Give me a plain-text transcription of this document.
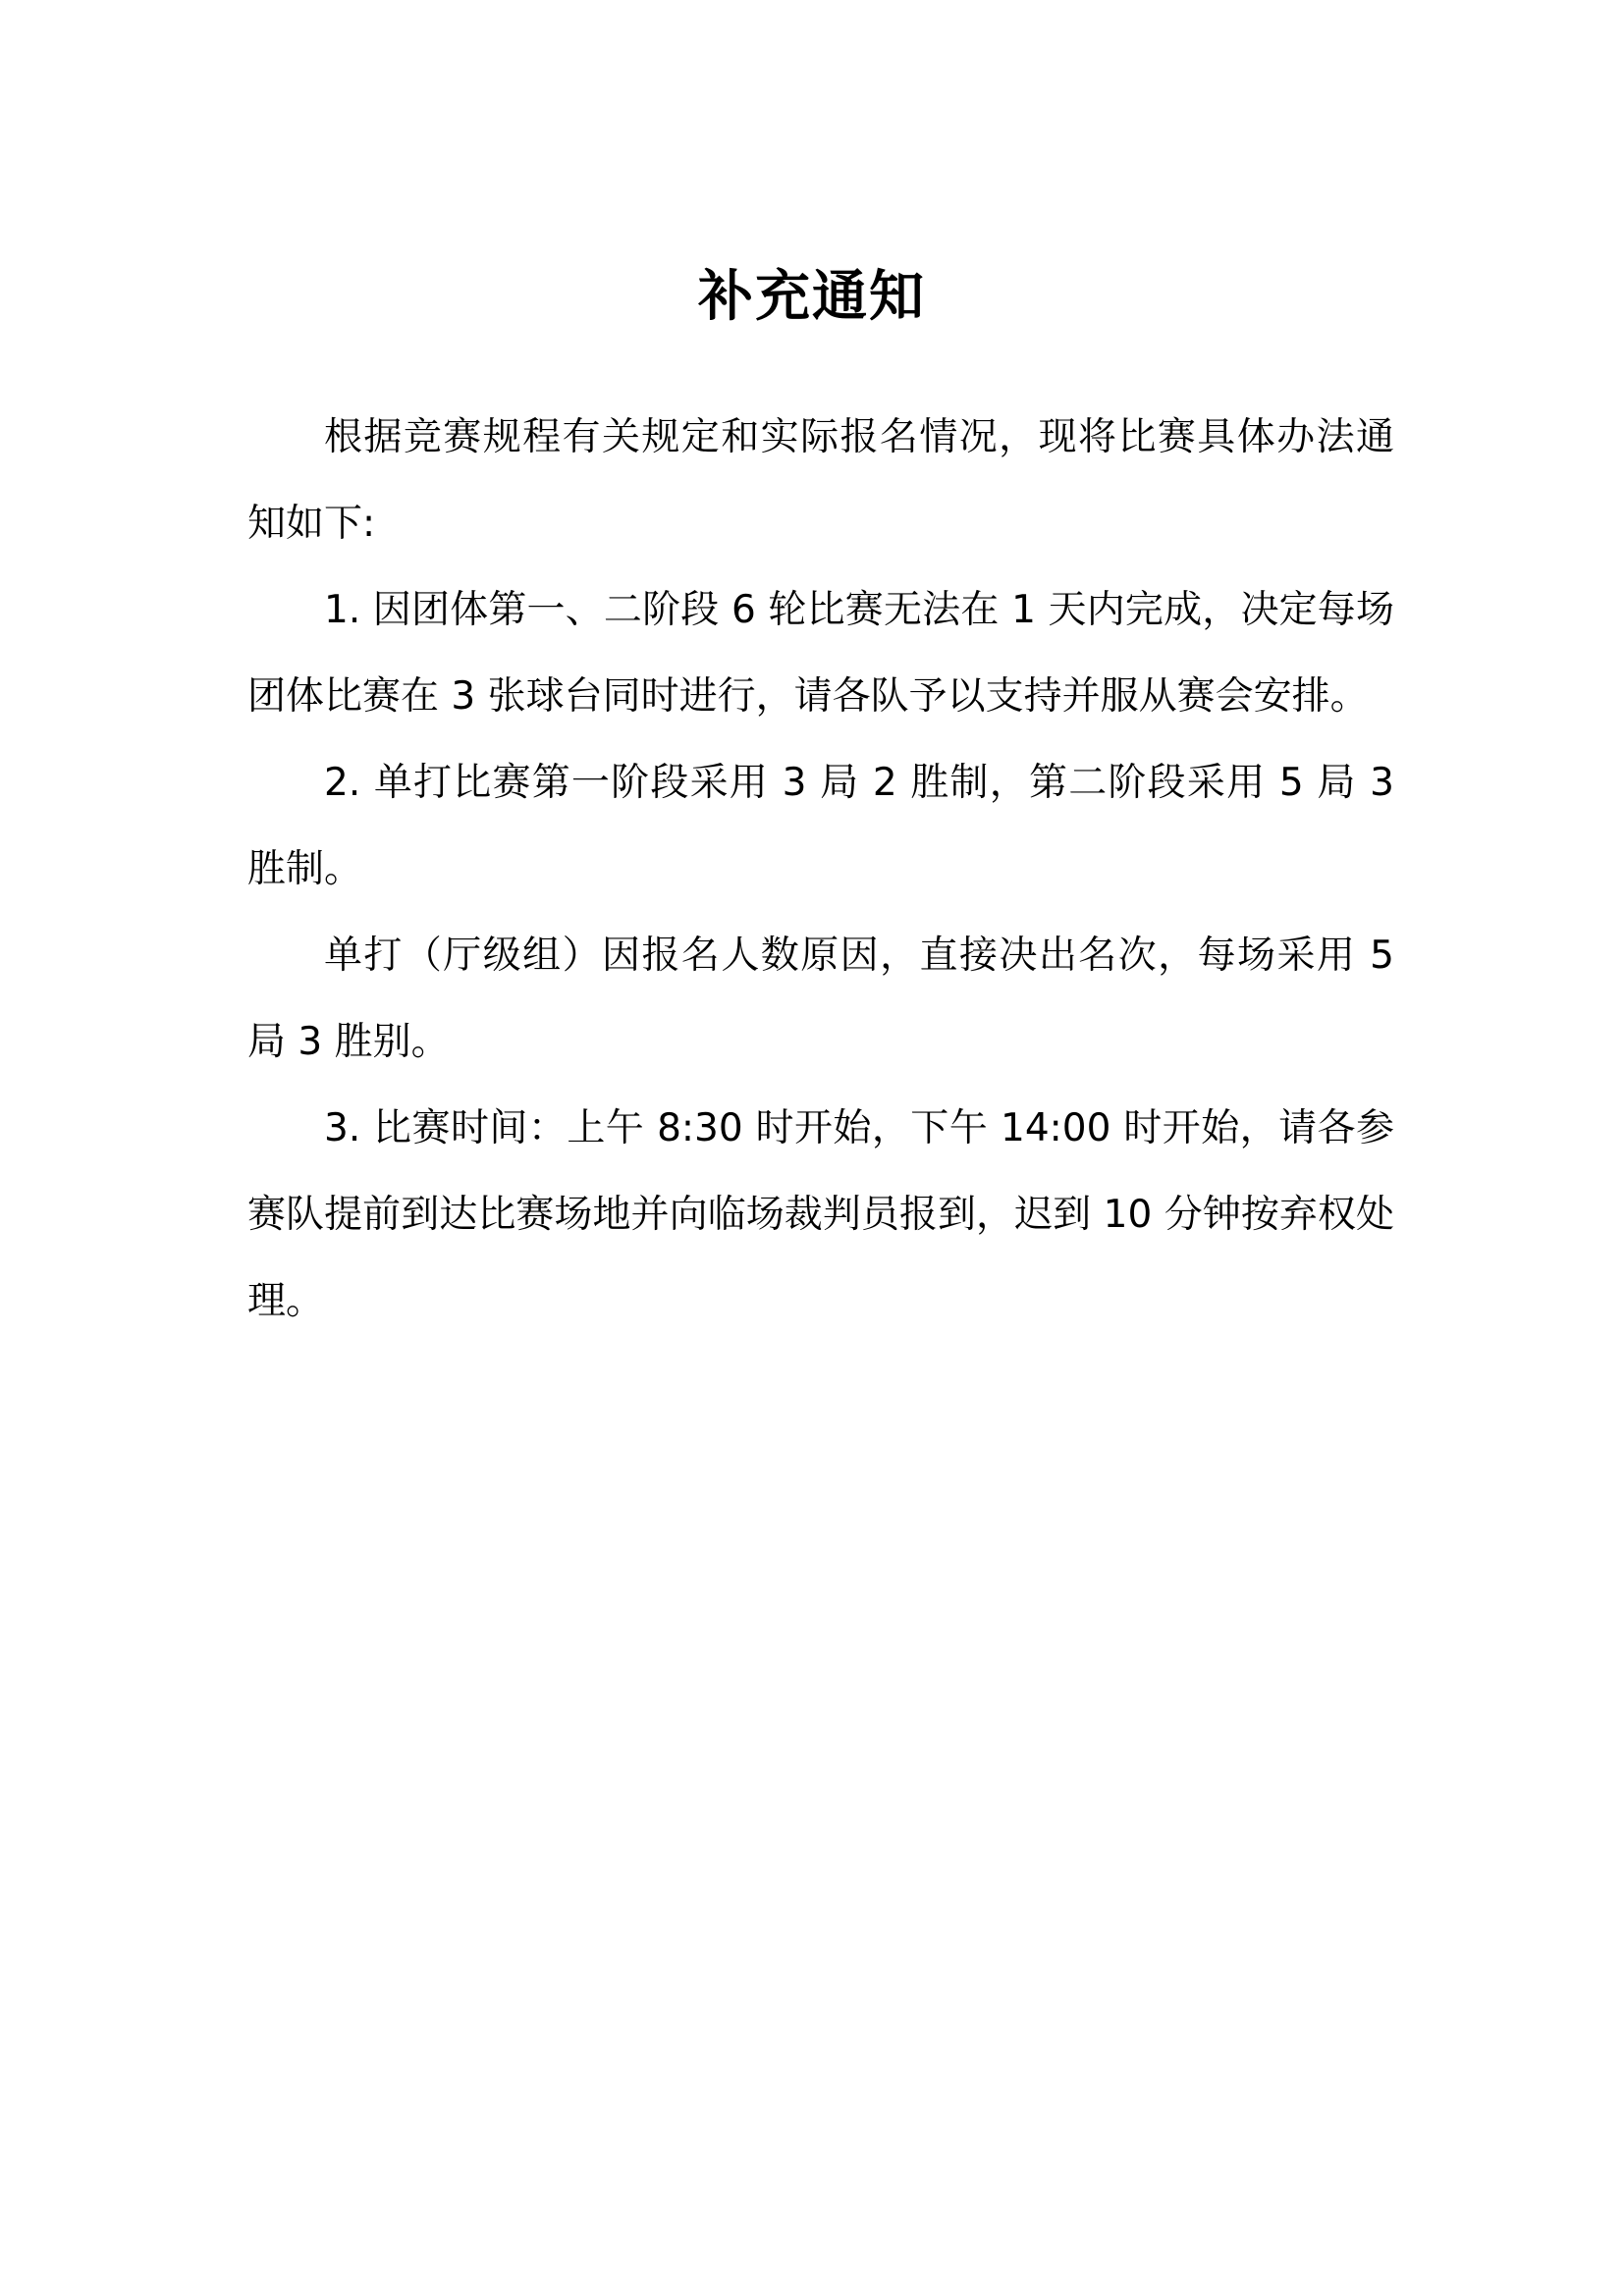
补充通知

根据竞赛规程有关规定和实际报名情况，现将比赛具体办法通知如下:

1. 因团体第一、二阶段 6 轮比赛无法在 1 天内完成，决定每场团体比赛在 3 张球台同时进行，请各队予以支持并服从赛会安排。

2. 单打比赛第一阶段采用 3 局 2 胜制，第二阶段采用 5 局 3 胜制。

单打（厅级组）因报名人数原因，直接决出名次，每场采用 5 局 3 胜别。

3. 比赛时间：上午 8:30 时开始，下午 14:00 时开始，请各参赛队提前到达比赛场地并向临场裁判员报到，迟到 10 分钟按弃权处理。
